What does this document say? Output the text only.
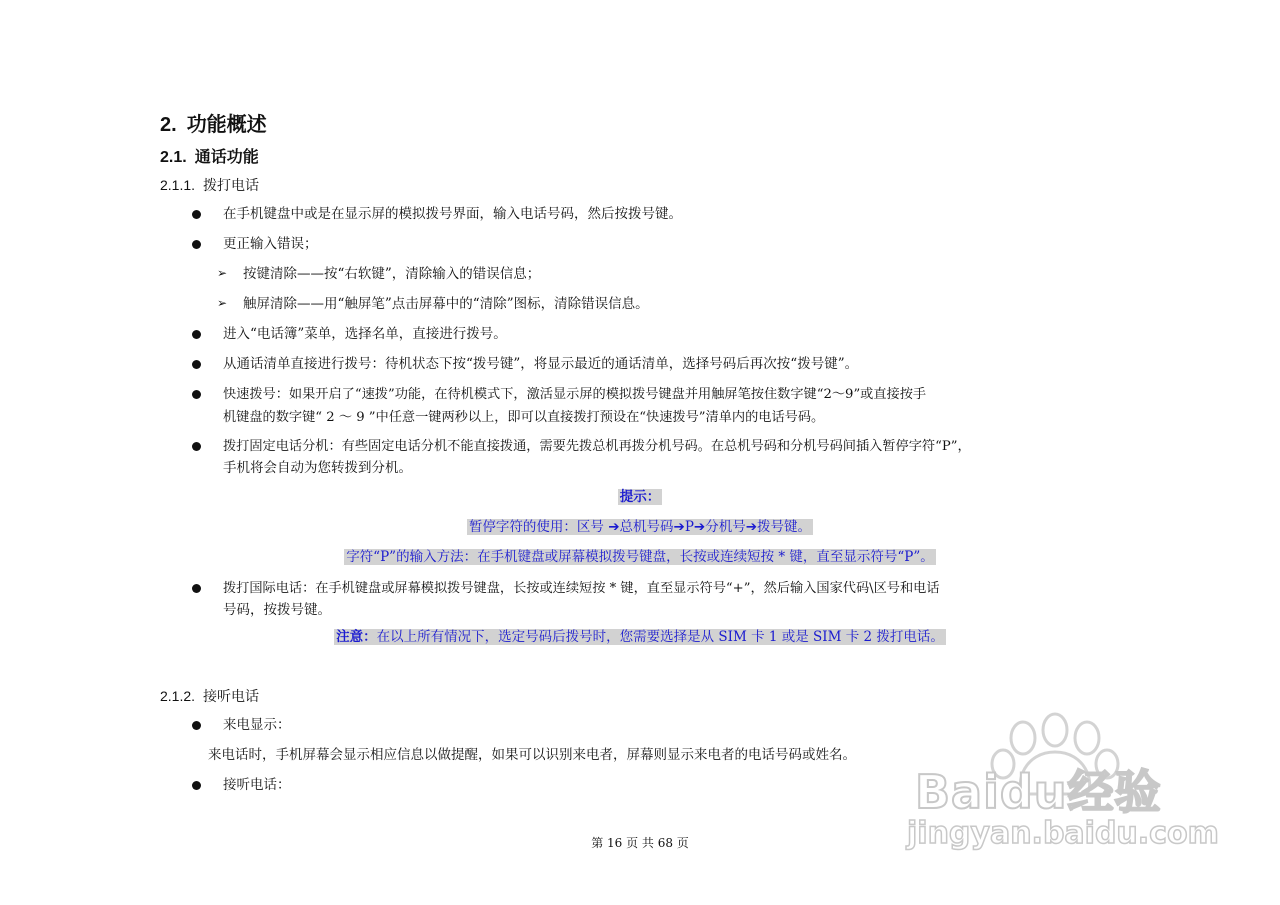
2. 功能概述
2.1. 通话功能
2.1.1. 拨打电话
在手机键盘中或是在显示屏的模拟拨号界面，输入电话号码，然后按拨号键。
更正输入错误；
➢ 按键清除——按“右软键”，清除输入的错误信息；
➢ 触屏清除——用“触屏笔”点击屏幕中的“清除”图标，清除错误信息。
进入“电话簿”菜单，选择名单，直接进行拨号。
从通话清单直接进行拨号：待机状态下按“拨号键”，将显示最近的通话清单，选择号码后再次按“拨号键”。
快速拨号：如果开启了“速拨”功能，在待机模式下，激活显示屏的模拟拨号键盘并用触屏笔按住数字键“2～9”或直接按手
机键盘的数字键“ 2 ～ 9 ”中任意一键两秒以上，即可以直接拨打预设在“快速拨号”清单内的电话号码。
拨打固定电话分机：有些固定电话分机不能直接拨通，需要先拨总机再拨分机号码。在总机号码和分机号码间插入暂停字符“P”，
手机将会自动为您转拨到分机。
提示：
暂停字符的使用：区号 ➔总机号码➔P➔分机号➔拨号键。
字符“P”的输入方法：在手机键盘或屏幕模拟拨号键盘，长按或连续短按 * 键，直至显示符号“P”。
拨打国际电话：在手机键盘或屏幕模拟拨号键盘，长按或连续短按 * 键，直至显示符号“+”，然后输入国家代码\区号和电话
号码，按拨号键。
注意：在以上所有情况下，选定号码后拨号时，您需要选择是从 SIM 卡 1 或是 SIM 卡 2 拨打电话。
2.1.2. 接听电话
来电显示：
来电话时，手机屏幕会显示相应信息以做提醒，如果可以识别来电者，屏幕则显示来电者的电话号码或姓名。
接听电话：
第 16 页 共 68 页
Baidu经验
jingyan.baidu.com
